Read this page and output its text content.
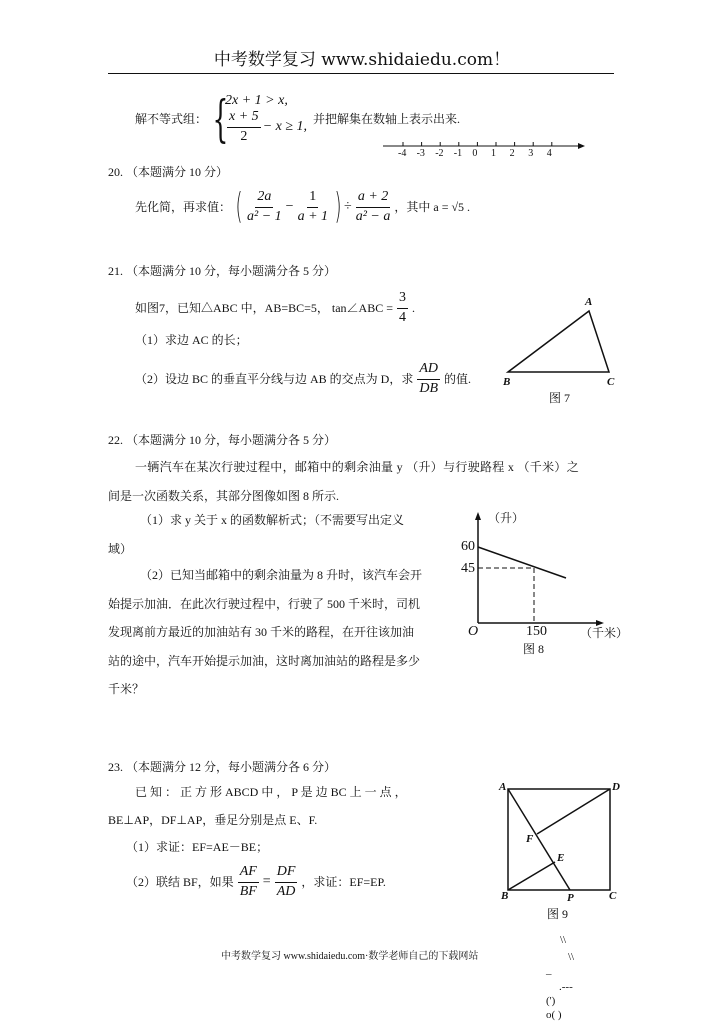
中考数学复习 www.shidaiedu.com！
解不等式组： {
2x + 1 > x,
$\frac{x + 5}{2} - x \ge 1$, 并把解集在数轴上表示出来.
-4 -3 -2 -1 0 1 2 3 4
20. （本题满分 10 分）
先化简，再求值： ( $\frac{2a}{\text{a² − 1}} - \frac{1}{a + 1}$ ) ÷ $\frac{a + 2}{\text{a² − a}}$ ，其中 a = √5 .
21. （本题满分 10 分，每小题满分各 5 分）
如图7，已知△ABC 中，AB=BC=5， tan∠ABC = $\frac{3}{4}$ .
（1）求边 AC 的长；
（2）设边 BC 的垂直平分线与边 AB 的交点为 D，求 $\frac{AD}{DB}$ 的值.
A
B	C
图 7
22. （本题满分 10 分，每小题满分各 5 分）
一辆汽车在某次行驶过程中，邮箱中的剩余油量 y （升）与行驶路程 x （千米）之
间是一次函数关系，其部分图像如图 8 所示.
（1）求 y 关于 x 的函数解析式；（不需要写出定义
域）
（2）已知当邮箱中的剩余油量为 8 升时，该汽车会开
始提示加油．在此次行驶过程中，行驶了 500 千米时，司机
发现离前方最近的加油站有 30 千米的路程，在开往该加油
站的途中，汽车开始提示加油，这时离加油站的路程是多少
千米？
（升）
60
45
O	150	（千米）
图 8
23. （本题满分 12 分，每小题满分各 6 分）
已 知 ： 正 方 形 ABCD 中 ， P 是 边 BC 上 一 点 ，
BE⊥AP，DF⊥AP，垂足分别是点 E、F.
（1）求证：EF=AE－BE；
（2）联结 BF，如果 $\frac{AF}{BF} = \frac{DF}{AD}$ ，求证：EF=EP.
A	D
B	C
P
F
E
图 9
中考数学复习 www.shidaiedu.com·数学老师自己的下载网站
\\
\\
–
.---
(')
o( )
